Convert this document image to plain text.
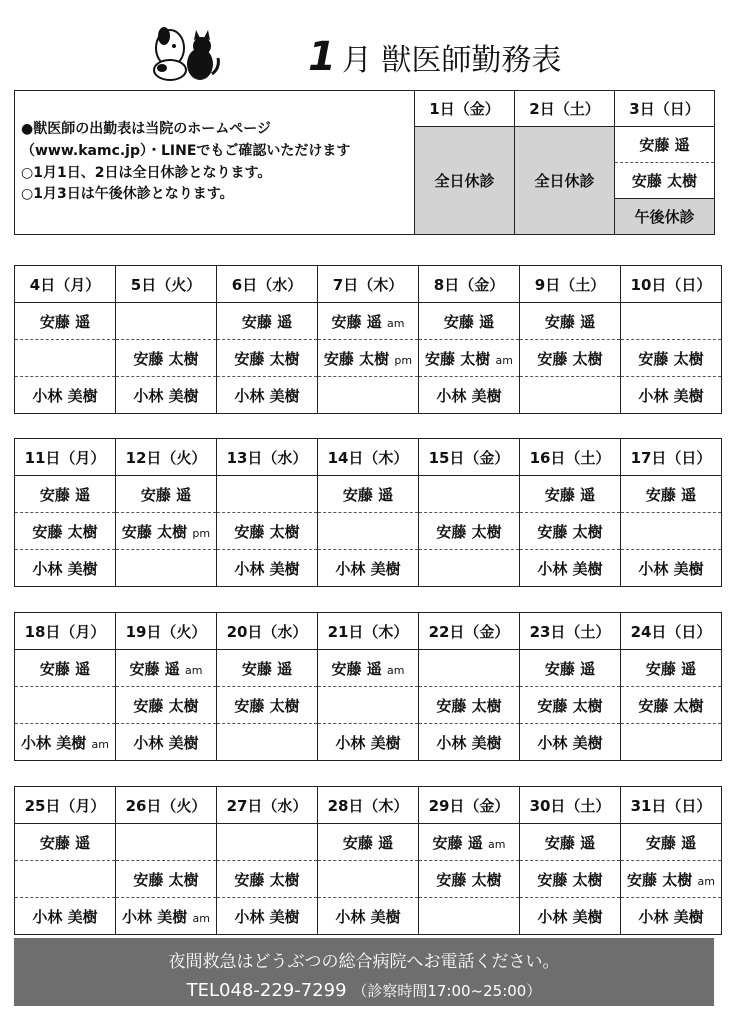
1 月 獣医師勤務表
●獣医師の出勤表は当院のホームページ（www.kamc.jp）・LINEでもご確認いただけます
○1月1日、2日は全日休診となります。
○1月3日は午後休診となります。	1日（金）	2日（土）	3日（日）
	全日休診	全日休診	安藤 遥
			安藤 太樹
			午後休診
4日（月）	5日（火）	6日（水）	7日（木）	8日（金）	9日（土）	10日（日）
安藤 遥		安藤 遥	安藤 遥 am	安藤 遥	安藤 遥	
	安藤 太樹	安藤 太樹	安藤 太樹 pm	安藤 太樹 am	安藤 太樹	安藤 太樹
小林 美樹	小林 美樹	小林 美樹		小林 美樹		小林 美樹
11日（月）	12日（火）	13日（水）	14日（木）	15日（金）	16日（土）	17日（日）
安藤 遥	安藤 遥		安藤 遥		安藤 遥	安藤 遥
安藤 太樹	安藤 太樹 pm	安藤 太樹		安藤 太樹	安藤 太樹	
小林 美樹		小林 美樹	小林 美樹		小林 美樹	小林 美樹
18日（月）	19日（火）	20日（水）	21日（木）	22日（金）	23日（土）	24日（日）
安藤 遥	安藤 遥 am	安藤 遥	安藤 遥 am		安藤 遥	安藤 遥
	安藤 太樹	安藤 太樹		安藤 太樹	安藤 太樹	安藤 太樹
小林 美樹 am	小林 美樹		小林 美樹	小林 美樹	小林 美樹	
25日（月）	26日（火）	27日（水）	28日（木）	29日（金）	30日（土）	31日（日）
安藤 遥			安藤 遥	安藤 遥 am	安藤 遥	安藤 遥
	安藤 太樹	安藤 太樹		安藤 太樹	安藤 太樹	安藤 太樹 am
小林 美樹	小林 美樹 am	小林 美樹	小林 美樹		小林 美樹	小林 美樹
夜間救急はどうぶつの総合病院へお電話ください。
TEL048-229-7299 （診察時間17:00~25:00）
